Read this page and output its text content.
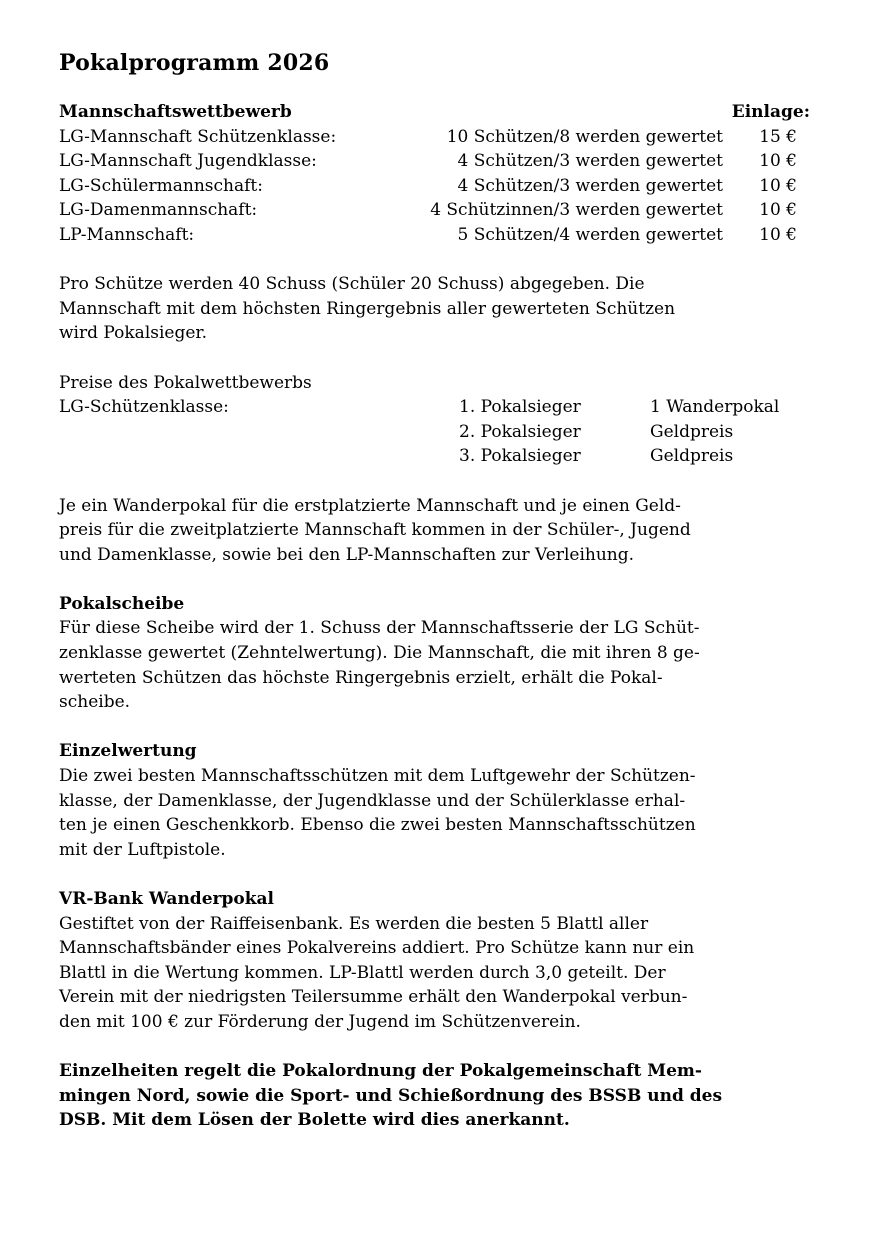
Pokalprogramm 2026
Mannschaftswettbewerb	Einlage:
LG-Mannschaft Schützenklasse:	10 Schützen/8 werden gewertet 15 €
LG-Mannschaft Jugendklasse:	4 Schützen/3 werden gewertet 10 €
LG-Schülermannschaft:	4 Schützen/3 werden gewertet 10 €
LG-Damenmannschaft:	4 Schützinnen/3 werden gewertet 10 €
LP-Mannschaft:	5 Schützen/4 werden gewertet 10 €
Pro Schütze werden 40 Schuss (Schüler 20 Schuss) abgegeben. Die
Mannschaft mit dem höchsten Ringergebnis aller gewerteten Schützen
wird Pokalsieger.
Preise des Pokalwettbewerbs
LG-Schützenklasse:	1. Pokalsieger	1 Wanderpokal
2. Pokalsieger	Geldpreis
3. Pokalsieger	Geldpreis
Je ein Wanderpokal für die erstplatzierte Mannschaft und je einen Geld-
preis für die zweitplatzierte Mannschaft kommen in der Schüler-, Jugend
und Damenklasse, sowie bei den LP-Mannschaften zur Verleihung.
Pokalscheibe
Für diese Scheibe wird der 1. Schuss der Mannschaftsserie der LG Schüt-
zenklasse gewertet (Zehntelwertung). Die Mannschaft, die mit ihren 8 ge-
werteten Schützen das höchste Ringergebnis erzielt, erhält die Pokal-
scheibe.
Einzelwertung
Die zwei besten Mannschaftsschützen mit dem Luftgewehr der Schützen-
klasse, der Damenklasse, der Jugendklasse und der Schülerklasse erhal-
ten je einen Geschenkkorb. Ebenso die zwei besten Mannschaftsschützen
mit der Luftpistole.
VR-Bank Wanderpokal
Gestiftet von der Raiffeisenbank. Es werden die besten 5 Blattl aller
Mannschaftsbänder eines Pokalvereins addiert. Pro Schütze kann nur ein
Blattl in die Wertung kommen. LP-Blattl werden durch 3,0 geteilt. Der
Verein mit der niedrigsten Teilersumme erhält den Wanderpokal verbun-
den mit 100 € zur Förderung der Jugend im Schützenverein.
Einzelheiten regelt die Pokalordnung der Pokalgemeinschaft Mem-
mingen Nord, sowie die Sport- und Schießordnung des BSSB und des
DSB. Mit dem Lösen der Bolette wird dies anerkannt.
